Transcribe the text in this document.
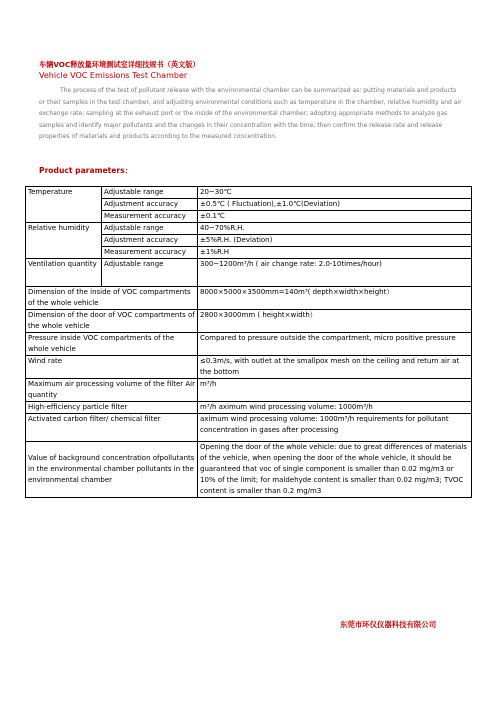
车辆VOC释放量环境测试室详细技规书（英文版）
Vehicle VOC Emissions Test Chamber
The process of the test of pollutant release with the environmental chamber can be summarized as: putting materials and products or their samples in the test chamber, and adjusting environmental conditions such as temperature in the chamber, relative humidity and air exchange rate; sampling at the exhaust port or the inside of the environmental chamber; adopting appropriate methods to analyze gas samples and identify major pollutants and the changes in their concentration with the time; then confirm the release rate and release properties of materials and products according to the measured concentration.
Product parameters：
Temperature	Adjustable range	20~30℃
	Adjustment accuracy	±0.5℃ ( Fluctuation),±1.0℃(Deviation)
	Measurement accuracy	±0.1℃
Relative humidity	Adjustable range	40~70%R.H.
	Adjustment accuracy	±5%R.H. (Deviation)
	Measurement accuracy	±1%R.H
Ventilation quantity	Adjustable range	300~1200m³/h ( air change rate: 2.0-10times/hour)
Dimension of the inside of VOC compartments of the whole vehicle		8000×5000×3500mm=140m³( depth×width×height）
Dimension of the door of VOC compartments of the whole vehicle		2800×3000mm ( height×width）
Pressure inside VOC compartments of the whole vehicle		Compared to pressure outside the compartment, micro positive pressure
Wind rate		≤0.3m/s, with outlet at the smallpox mesh on the ceiling and return air at the bottom
Maximum air processing volume of the filter Air quantity		m³/h
High-efficiency particle filter		m³/h aximum wind processing volume: 1000m³/h
Activated carbon filter/ chemical filter		aximum wind processing volume: 1000m³/h requirements for pollutant concentration in gases after processing
Value of background concentration ofpollutants in the environmental chamber pollutants in the environmental chamber		Opening the door of the whole vehicle: due to great differences of materials of the vehicle, when opening the door of the whole vehicle, it should be guaranteed that voc of single component is smaller than 0.02 mg/m3 or 10% of the limit; for maldehyde content is smaller than 0.02 mg/m3; TVOC content is smaller than 0.2 mg/m3
东莞市环仪仪器科技有限公司
